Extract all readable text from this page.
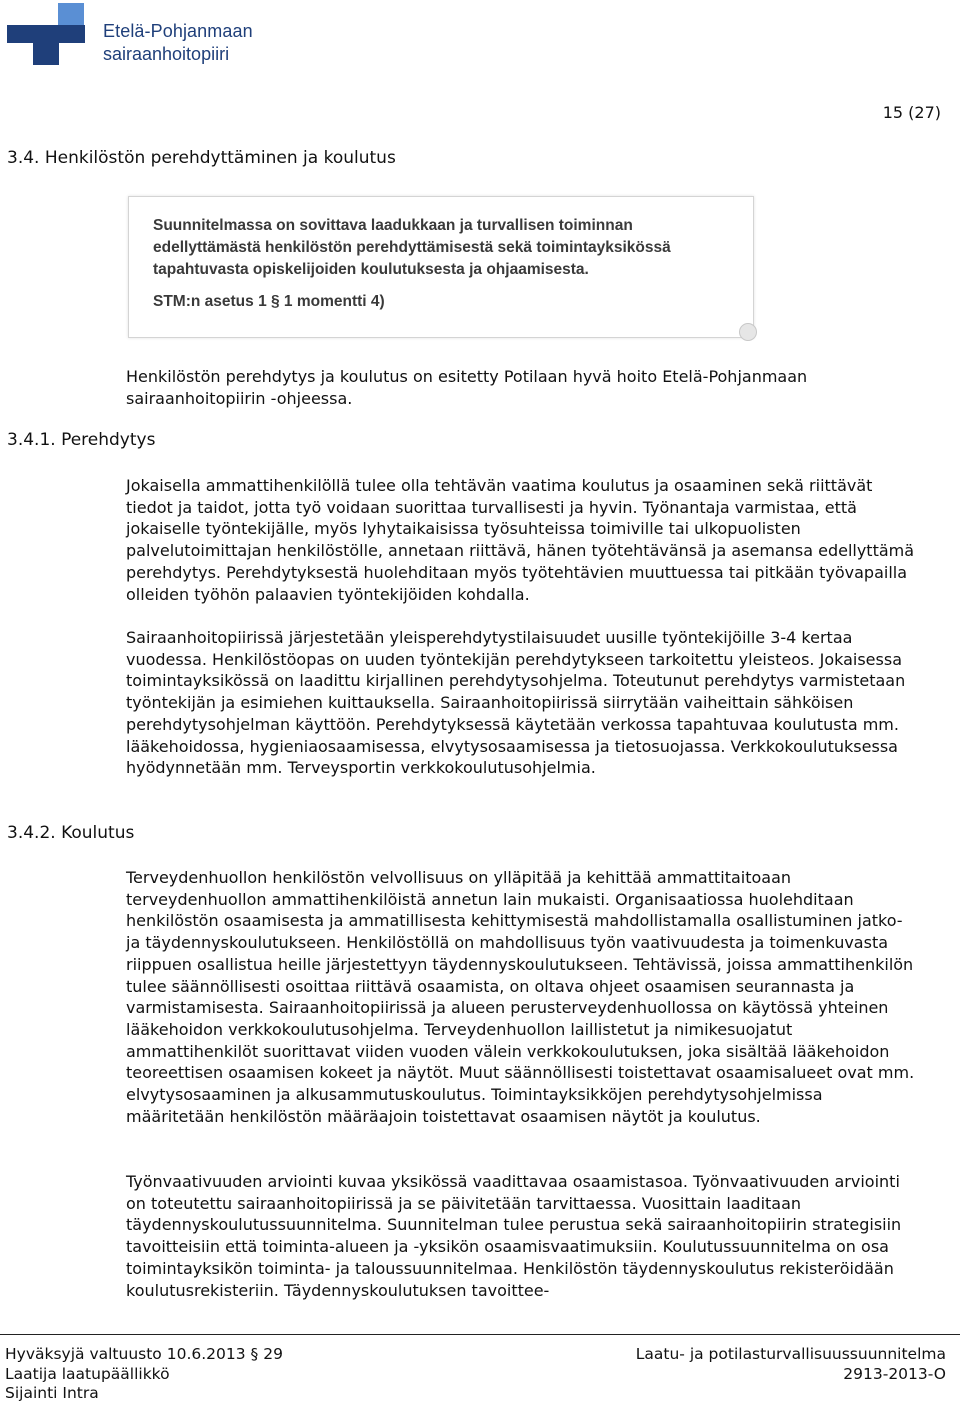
Etelä-Pohjanmaan
sairaanhoitopiiri
15 (27)
3.4. Henkilöstön perehdyttäminen ja koulutus
Suunnitelmassa on sovittava laadukkaan ja turvallisen toiminnan edellyttämästä henkilöstön perehdyttämisestä sekä toimintayksikössä tapahtuvasta opiskelijoiden koulutuksesta ja ohjaamisesta.
STM:n asetus 1 § 1 momentti 4)

Henkilöstön perehdytys ja koulutus on esitetty Potilaan hyvä hoito Etelä-Pohjanmaan sairaanhoitopiirin -ohjeessa.

3.4.1. Perehdytys

Jokaisella ammattihenkilöllä tulee olla tehtävän vaatima koulutus ja osaaminen sekä riittävät tiedot ja taidot, jotta työ voidaan suorittaa turvallisesti ja hyvin. Työnantaja varmistaa, että jokaiselle työntekijälle, myös lyhytaikaisissa työsuhteissa toimiville tai ulkopuolisten palvelutoimittajan henkilöstölle, annetaan riittävä, hänen työtehtävänsä ja asemansa edellyttämä perehdytys. Perehdytyksestä huolehditaan myös työtehtävien muuttuessa tai pitkään työvapailla olleiden työhön palaavien työntekijöiden kohdalla.

Sairaanhoitopiirissä järjestetään yleisperehdytystilaisuudet uusille työntekijöille 3-4 kertaa vuodessa. Henkilöstöopas on uuden työntekijän perehdytykseen tarkoitettu yleisteos. Jokaisessa toimintayksikössä on laadittu kirjallinen perehdytysohjelma. Toteutunut perehdytys varmistetaan työntekijän ja esimiehen kuittauksella. Sairaanhoitopiirissä siirrytään vaiheittain sähköisen perehdytysohjelman käyttöön. Perehdytyksessä käytetään verkossa tapahtuvaa koulutusta mm. lääkehoidossa, hygieniaosaamisessa, elvytysosaamisessa ja tietosuojassa. Verkkokoulutuksessa hyödynnetään mm. Terveysportin verkkokoulutusohjelmia.

3.4.2. Koulutus

Terveydenhuollon henkilöstön velvollisuus on ylläpitää ja kehittää ammattitaitoaan terveydenhuollon ammattihenkilöistä annetun lain mukaisti. Organisaatiossa huolehditaan henkilöstön osaamisesta ja ammatillisesta kehittymisestä mahdollistamalla osallistuminen jatko- ja täydennyskoulutukseen. Henkilöstöllä on mahdollisuus työn vaativuudesta ja toimenkuvasta riippuen osallistua heille järjestettyyn täydennyskoulutukseen. Tehtävissä, joissa ammattihenkilön tulee säännöllisesti osoittaa riittävä osaamista, on oltava ohjeet osaamisen seurannasta ja varmistamisesta. Sairaanhoitopiirissä ja alueen perusterveydenhuollossa on käytössä yhteinen lääkehoidon verkkokoulutusohjelma. Terveydenhuollon laillistetut ja nimikesuojatut ammattihenkilöt suorittavat viiden vuoden välein verkkokoulutuksen, joka sisältää lääkehoidon teoreettisen osaamisen kokeet ja näytöt. Muut säännöllisesti toistettavat osaamisalueet ovat mm. elvytysosaaminen ja alkusammutuskoulutus. Toimintayksikköjen perehdytysohjelmissa määritetään henkilöstön määräajoin toistettavat osaamisen näytöt ja koulutus.

Työnvaativuuden arviointi kuvaa yksikössä vaadittavaa osaamistasoa. Työnvaativuuden arviointi on toteutettu sairaanhoitopiirissä ja se päivitetään tarvittaessa. Vuosittain laaditaan täydennyskoulutussuunnitelma. Suunnitelman tulee perustua sekä sairaanhoitopiirin strategisiin tavoitteisiin että toiminta-alueen ja -yksikön osaamisvaatimuksiin. Koulutussuunnitelma on osa toimintayksikön toiminta- ja taloussuunnitelmaa. Henkilöstön täydennyskoulutus rekisteröidään koulutusrekisteriin. Täydennyskoulutuksen tavoittee-

Hyväksyjä valtuusto 10.6.2013 § 29
Laatija laatupäällikkö
Sijainti Intra
Laatu- ja potilasturvallisuussuunnitelma
2913-2013-O
